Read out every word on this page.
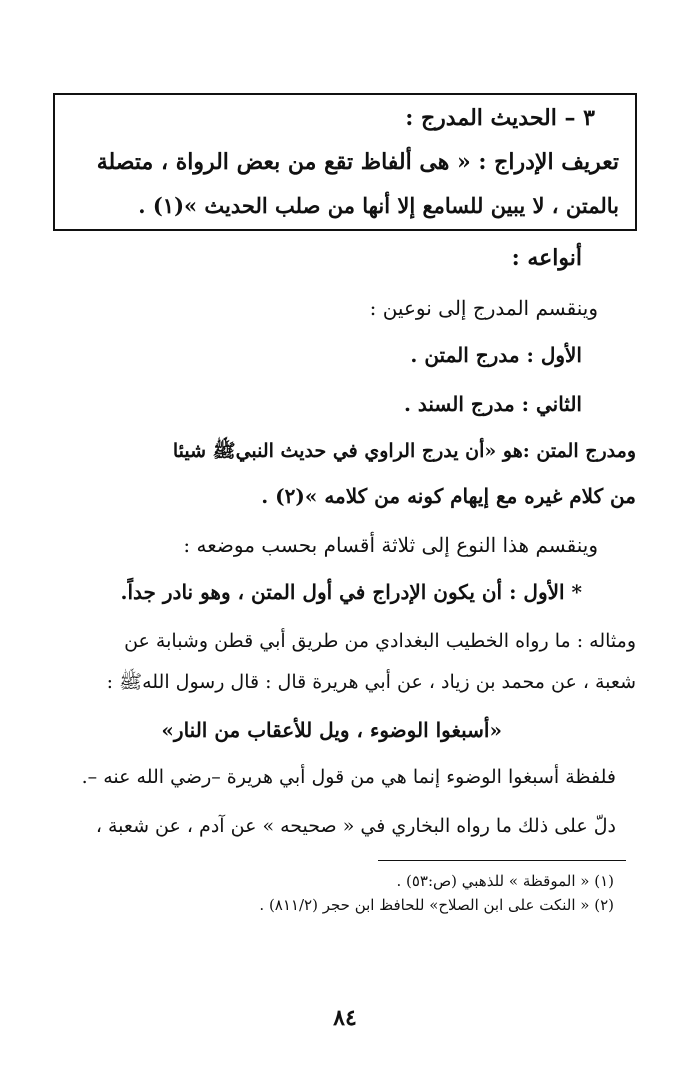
٣ – الحديث المدرج :
تعريف الإدراج : « هى ألفاظ تقع من بعض الرواة ، متصلة
بالمتن ، لا يبين للسامع إلا أنها من صلب الحديث »(١) .
أنواعه :
وينقسم المدرج إلى نوعين :
الأول : مدرج المتن .
الثاني : مدرج السند .
ومدرج المتن :هو «أن يدرج الراوي في حديث النبيﷺ شيئا
من كلام غيره مع إيهام كونه من كلامه »(٢) .
وينقسم هذا النوع إلى ثلاثة أقسام بحسب موضعه :
* الأول : أن يكون الإدراج في أول المتن ، وهو نادر جداً.
ومثاله : ما رواه الخطيب البغدادي من طريق أبي قطن وشبابة عن
شعبة ، عن محمد بن زياد ، عن أبي هريرة قال : قال رسول اللهﷺ :
«أسبغوا الوضوء ، ويل للأعقاب من النار»
فلفظة أسبغوا الوضوء إنما هي من قول أبي هريرة –رضي الله عنه –.
دلّ على ذلك ما رواه البخاري في « صحيحه » عن آدم ، عن شعبة ،
(١) « الموقظة » للذهبي (ص:٥٣) .
(٢) « النكت على ابن الصلاح» للحافظ ابن حجر (٨١١/٢) .
٨٤
